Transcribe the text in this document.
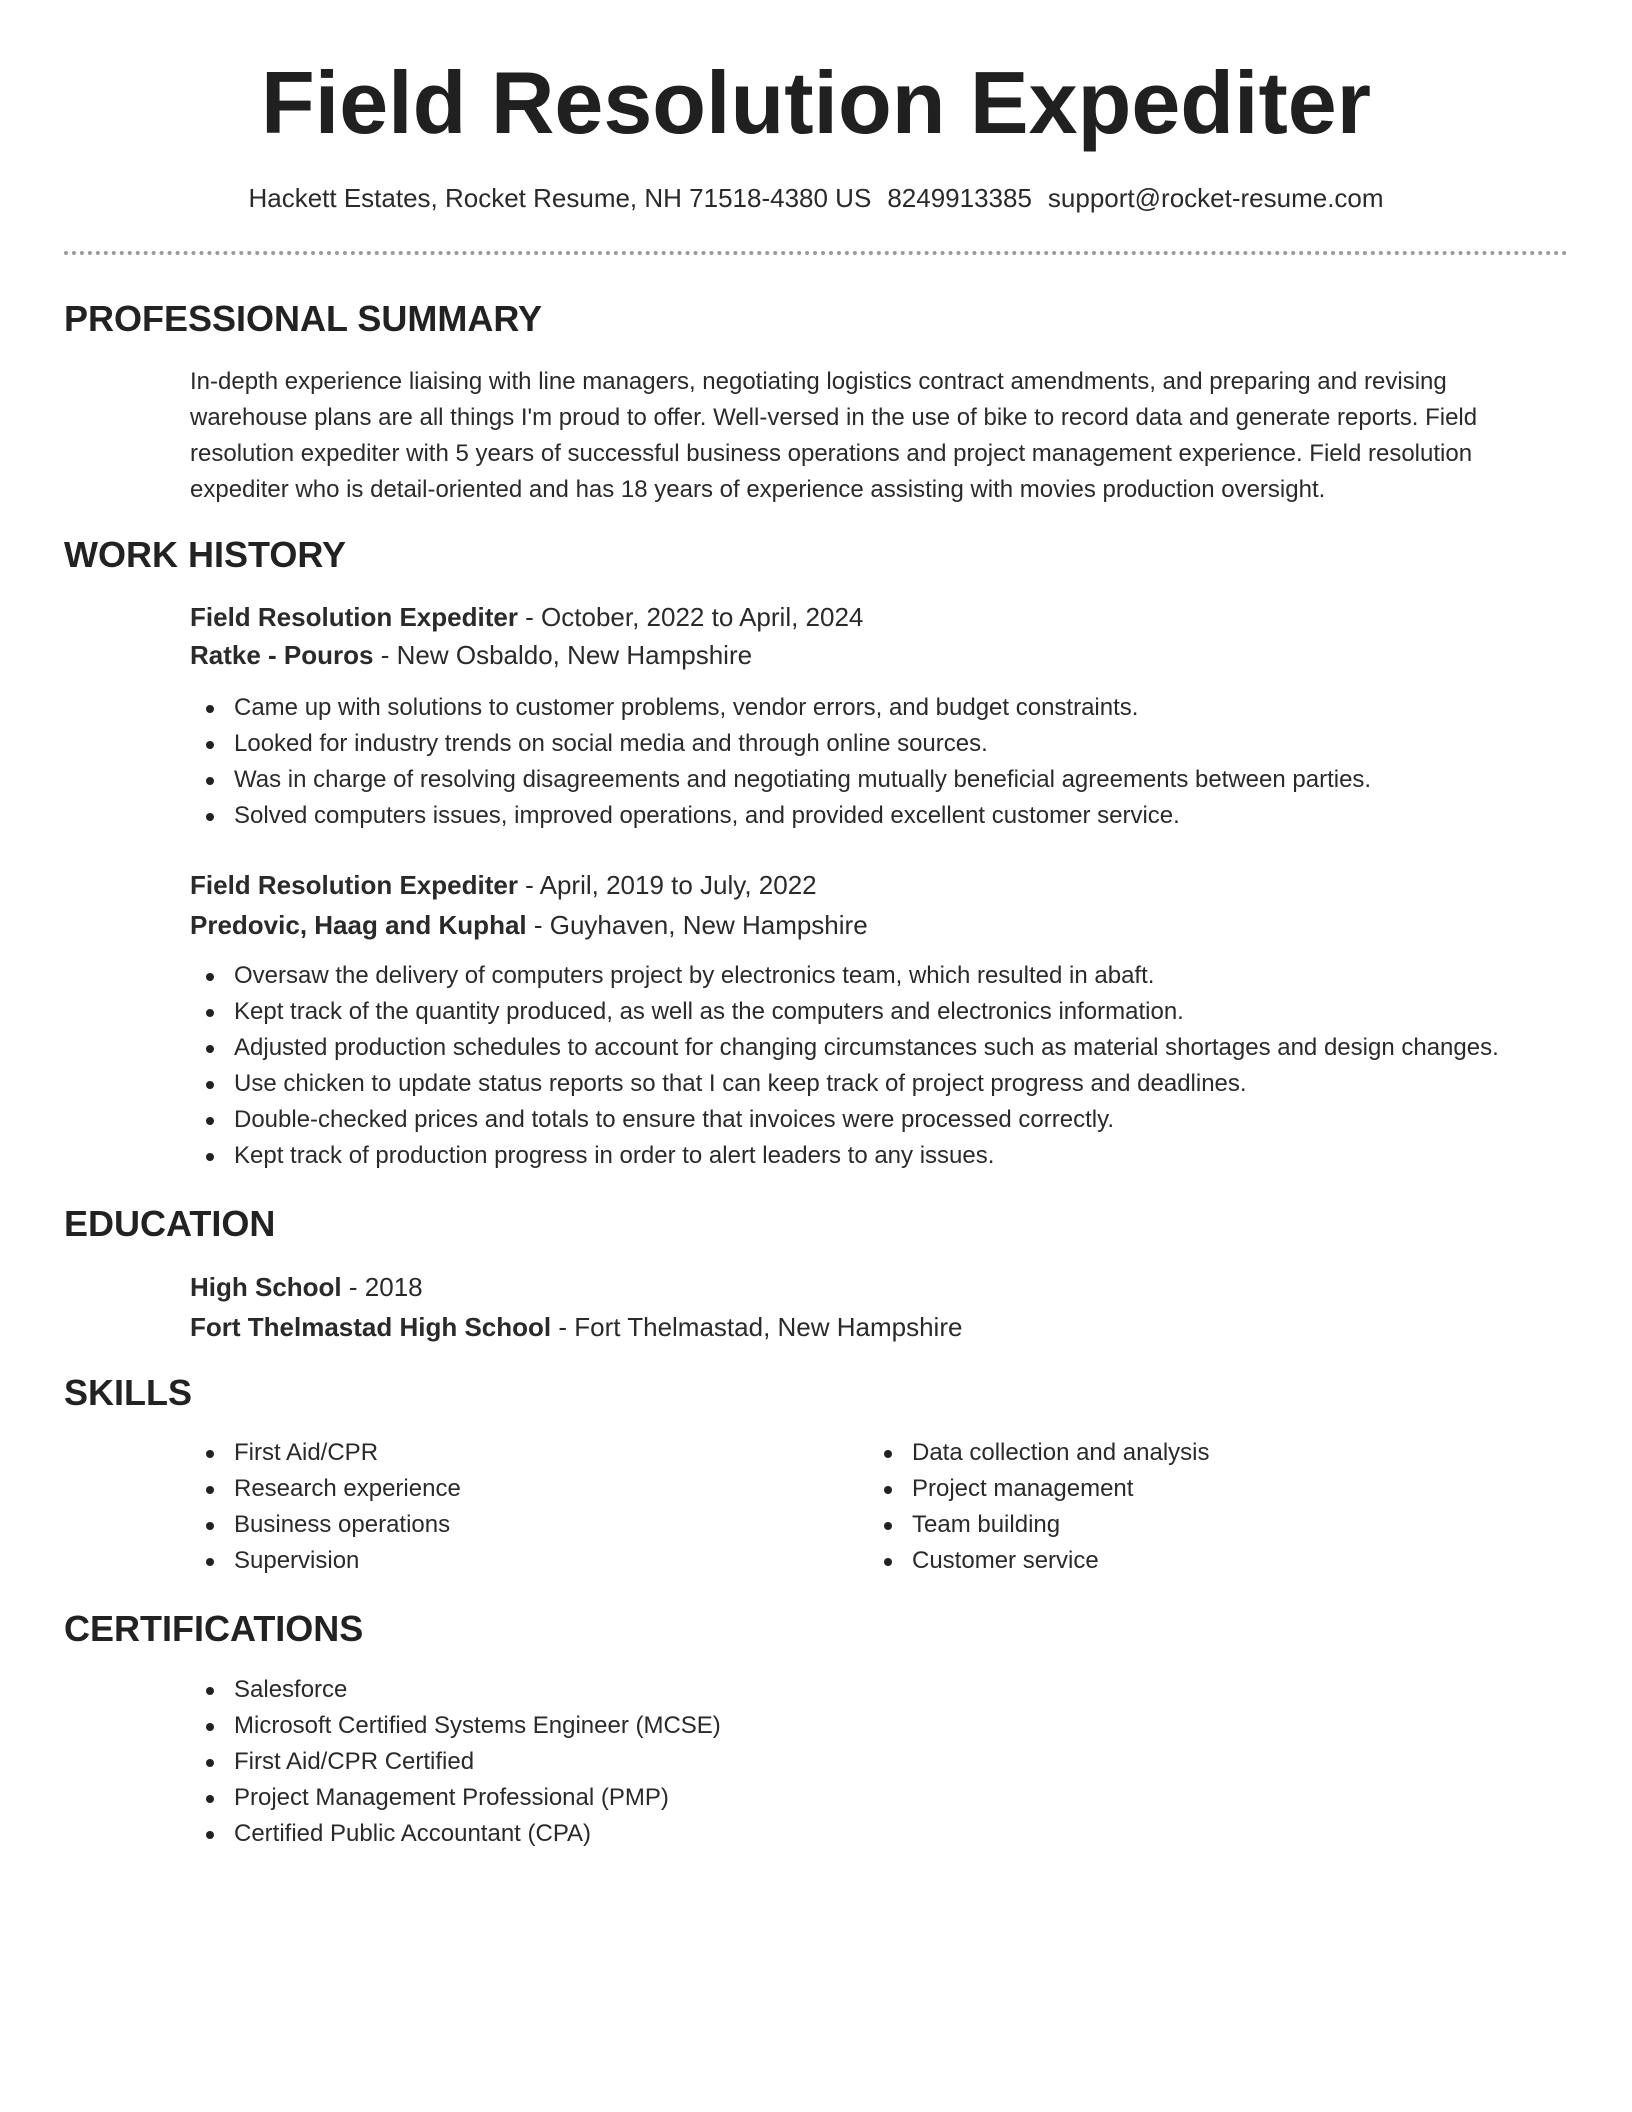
Field Resolution Expediter
Hackett Estates, Rocket Resume, NH 71518-4380 US 8249913385 support@rocket-resume.com
PROFESSIONAL SUMMARY
In-depth experience liaising with line managers, negotiating logistics contract amendments, and preparing and revising warehouse plans are all things I'm proud to offer. Well-versed in the use of bike to record data and generate reports. Field resolution expediter with 5 years of successful business operations and project management experience. Field resolution expediter who is detail-oriented and has 18 years of experience assisting with movies production oversight.
WORK HISTORY
Field Resolution Expediter - October, 2022 to April, 2024
Ratke - Pouros - New Osbaldo, New Hampshire
Came up with solutions to customer problems, vendor errors, and budget constraints.
Looked for industry trends on social media and through online sources.
Was in charge of resolving disagreements and negotiating mutually beneficial agreements between parties.
Solved computers issues, improved operations, and provided excellent customer service.
Field Resolution Expediter - April, 2019 to July, 2022
Predovic, Haag and Kuphal - Guyhaven, New Hampshire
Oversaw the delivery of computers project by electronics team, which resulted in abaft.
Kept track of the quantity produced, as well as the computers and electronics information.
Adjusted production schedules to account for changing circumstances such as material shortages and design changes.
Use chicken to update status reports so that I can keep track of project progress and deadlines.
Double-checked prices and totals to ensure that invoices were processed correctly.
Kept track of production progress in order to alert leaders to any issues.
EDUCATION
High School - 2018
Fort Thelmastad High School - Fort Thelmastad, New Hampshire
SKILLS
First Aid/CPR
Research experience
Business operations
Supervision
Data collection and analysis
Project management
Team building
Customer service
CERTIFICATIONS
Salesforce
Microsoft Certified Systems Engineer (MCSE)
First Aid/CPR Certified
Project Management Professional (PMP)
Certified Public Accountant (CPA)
